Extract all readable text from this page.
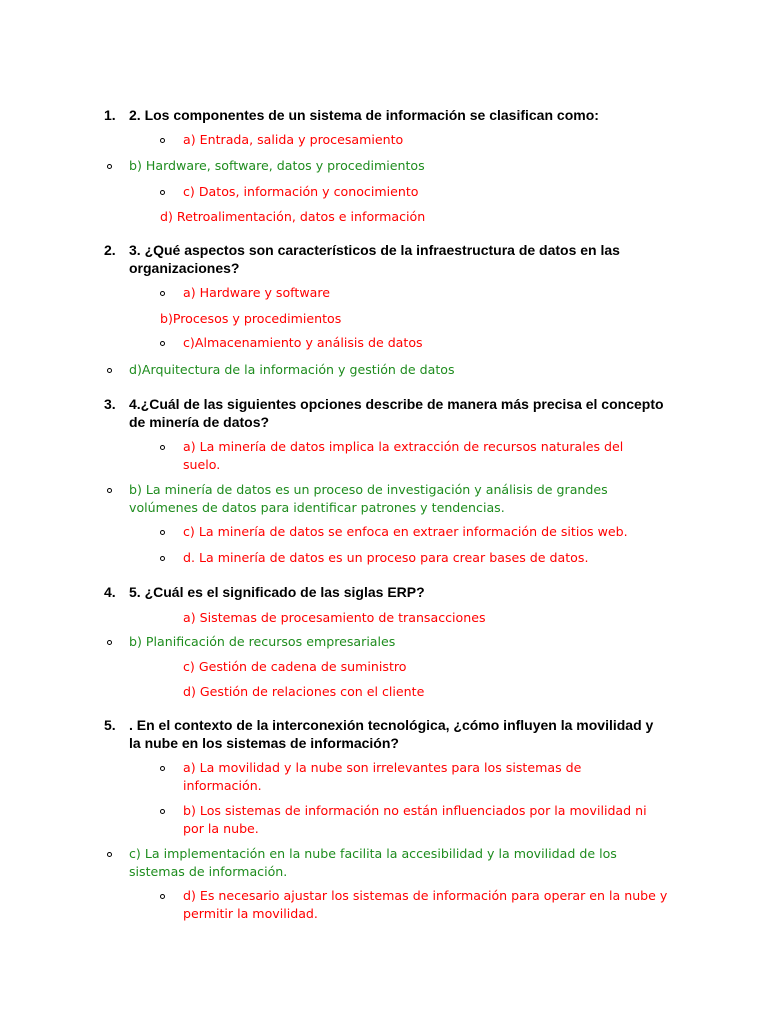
1. 2. Los componentes de un sistema de información se clasifican como:
a) Entrada, salida y procesamiento
b) Hardware, software, datos y procedimientos
c) Datos, información y conocimiento
d) Retroalimentación, datos e información
2. 3. ¿Qué aspectos son característicos de la infraestructura de datos en las organizaciones?
a) Hardware y software
b)Procesos y procedimientos
c)Almacenamiento y análisis de datos
d)Arquitectura de la información y gestión de datos
3. 4.¿Cuál de las siguientes opciones describe de manera más precisa el concepto de minería de datos?
a) La minería de datos implica la extracción de recursos naturales del suelo.
b) La minería de datos es un proceso de investigación y análisis de grandes volúmenes de datos para identificar patrones y tendencias.
c) La minería de datos se enfoca en extraer información de sitios web.
d. La minería de datos es un proceso para crear bases de datos.
4. 5. ¿Cuál es el significado de las siglas ERP?
a) Sistemas de procesamiento de transacciones
b) Planificación de recursos empresariales
c) Gestión de cadena de suministro
d) Gestión de relaciones con el cliente
5. . En el contexto de la interconexión tecnológica, ¿cómo influyen la movilidad y la nube en los sistemas de información?
a) La movilidad y la nube son irrelevantes para los sistemas de información.
b) Los sistemas de información no están influenciados por la movilidad ni por la nube.
c) La implementación en la nube facilita la accesibilidad y la movilidad de los sistemas de información.
d) Es necesario ajustar los sistemas de información para operar en la nube y permitir la movilidad.
